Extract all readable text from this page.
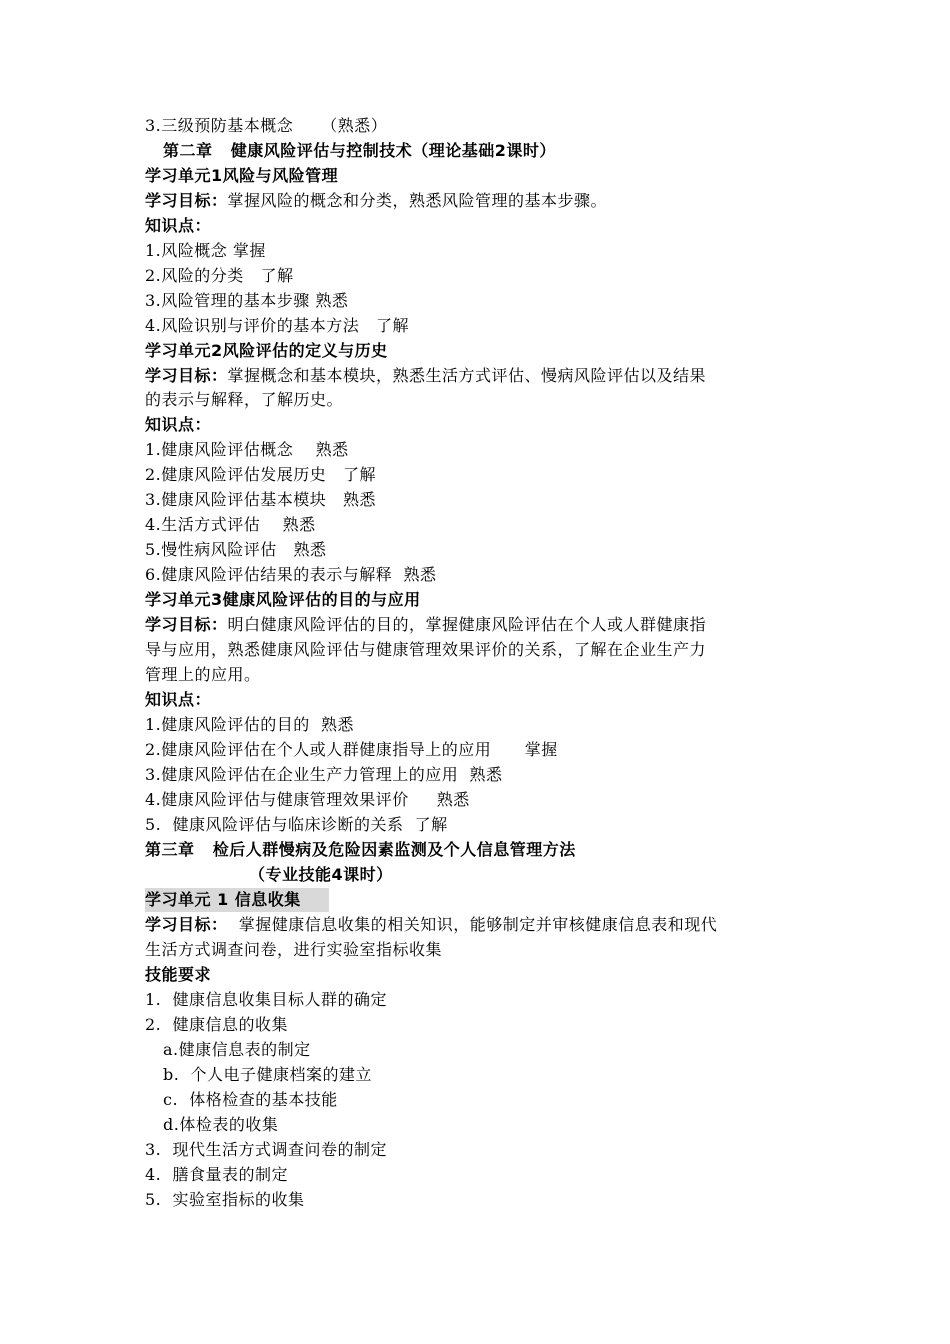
3.三级预防基本概念     （熟悉）
第二章   健康风险评估与控制技术（理论基础2课时）
学习单元1风险与风险管理
学习目标：掌握风险的概念和分类，熟悉风险管理的基本步骤。
知识点：
1.风险概念 掌握
2.风险的分类   了解
3.风险管理的基本步骤 熟悉
4.风险识别与评价的基本方法   了解
学习单元2风险评估的定义与历史
学习目标：掌握概念和基本模块，熟悉生活方式评估、慢病风险评估以及结果
的表示与解释，了解历史。
知识点：
1.健康风险评估概念    熟悉
2.健康风险评估发展历史   了解
3.健康风险评估基本模块   熟悉
4.生活方式评估    熟悉
5.慢性病风险评估   熟悉
6.健康风险评估结果的表示与解释  熟悉
学习单元3健康风险评估的目的与应用
学习目标：明白健康风险评估的目的，掌握健康风险评估在个人或人群健康指
导与应用，熟悉健康风险评估与健康管理效果评价的关系，了解在企业生产力
管理上的应用。
知识点：
1.健康风险评估的目的  熟悉
2.健康风险评估在个人或人群健康指导上的应用      掌握
3.健康风险评估在企业生产力管理上的应用  熟悉
4.健康风险评估与健康管理效果评价     熟悉
5.  健康风险评估与临床诊断的关系  了解
第三章   检后人群慢病及危险因素监测及个人信息管理方法
（专业技能4课时）
学习单元 1 信息收集
学习目标：  掌握健康信息收集的相关知识，能够制定并审核健康信息表和现代
生活方式调查问卷，进行实验室指标收集
技能要求
1.  健康信息收集目标人群的确定
2.  健康信息的收集
a.健康信息表的制定
b.  个人电子健康档案的建立
c.  体格检查的基本技能
d.体检表的收集
3.  现代生活方式调查问卷的制定
4.  膳食量表的制定
5.  实验室指标的收集
